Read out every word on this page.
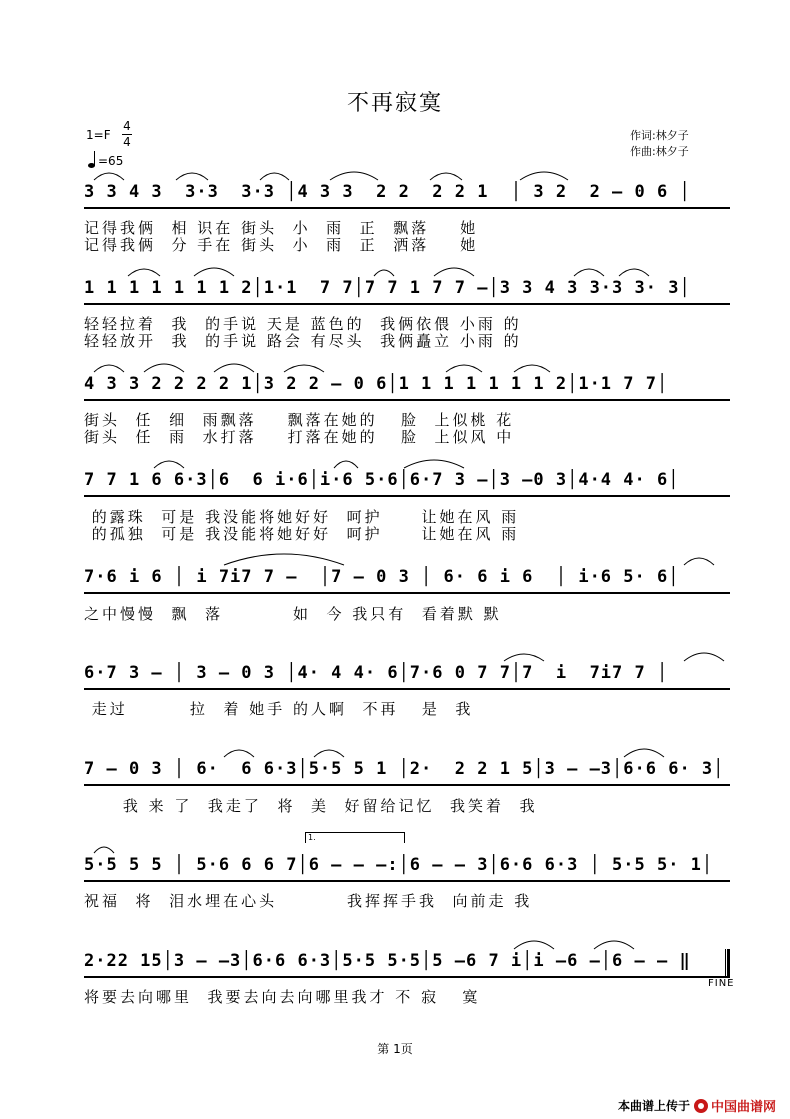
不再寂寞
1=F
4
4
=65
作词:林夕子
作曲:林夕子
3 3 4 3  3·3  3·3 │4 3 3  2 2  2 2 1  │ 3 2  2 – 0 6 │
记得我俩  相 识在 街头  小  雨  正  飘落    她
记得我俩  分 手在 街头  小  雨  正  洒落    她
1 1 1 1 1 1 1 2│1·1  7 7│7 7 1 7 7 –│3 3 4 3 3·3 3· 3│
轻轻拉着  我  的手说 天是 蓝色的  我俩依偎 小雨 的
轻轻放开  我  的手说 路会 有尽头  我俩矗立 小雨 的
4 3 3 2 2 2 2 1│3 2 2 – 0 6│1 1 1 1 1 1 1 2│1·1 7 7│
街头  任  细  雨飘落    飘落在她的   脸  上似桃 花
街头  任  雨  水打落    打落在她的   脸  上似风 中
7 7 1 6 6·3│6  6 i·6│i·6 5·6│6·7 3 –│3 –0 3│4·4 4· 6│
的露珠  可是 我没能将她好好  呵护     让她在风 雨
的孤独  可是 我没能将她好好  呵护     让她在风 雨
7·6 i 6 │ i 7i7 7 –  │7 – 0 3 │ 6· 6 i 6  │ i·6 5· 6│
之中慢慢  飘  落         如  今 我只有  看着默 默
6·7 3 – │ 3 – 0 3 │4· 4 4· 6│7·6 0 7 7│7  i  7i7 7 │
走过        拉  着 她手 的人啊  不再   是  我
7 – 0 3 │ 6·  6 6·3│5·5 5 1 │2·  2 2 1 5│3 – –3│6·6 6· 3│
我 来 了  我走了  将  美  好留给记忆  我笑着  我
1.
5·5 5 5 │ 5·6 6 6 7│6 – – –:│6 – – 3│6·6 6·3 │ 5·5 5· 1│
祝福  将  泪水埋在心头         我挥挥手我  向前走 我
2·22 15│3 – –3│6·6 6·3│5·5 5·5│5 –6 7 i│i –6 –│6 – – ‖
FINE
将要去向哪里  我要去向去向哪里我才 不 寂   寞
第 1页
本曲谱上传于 中国曲谱网
